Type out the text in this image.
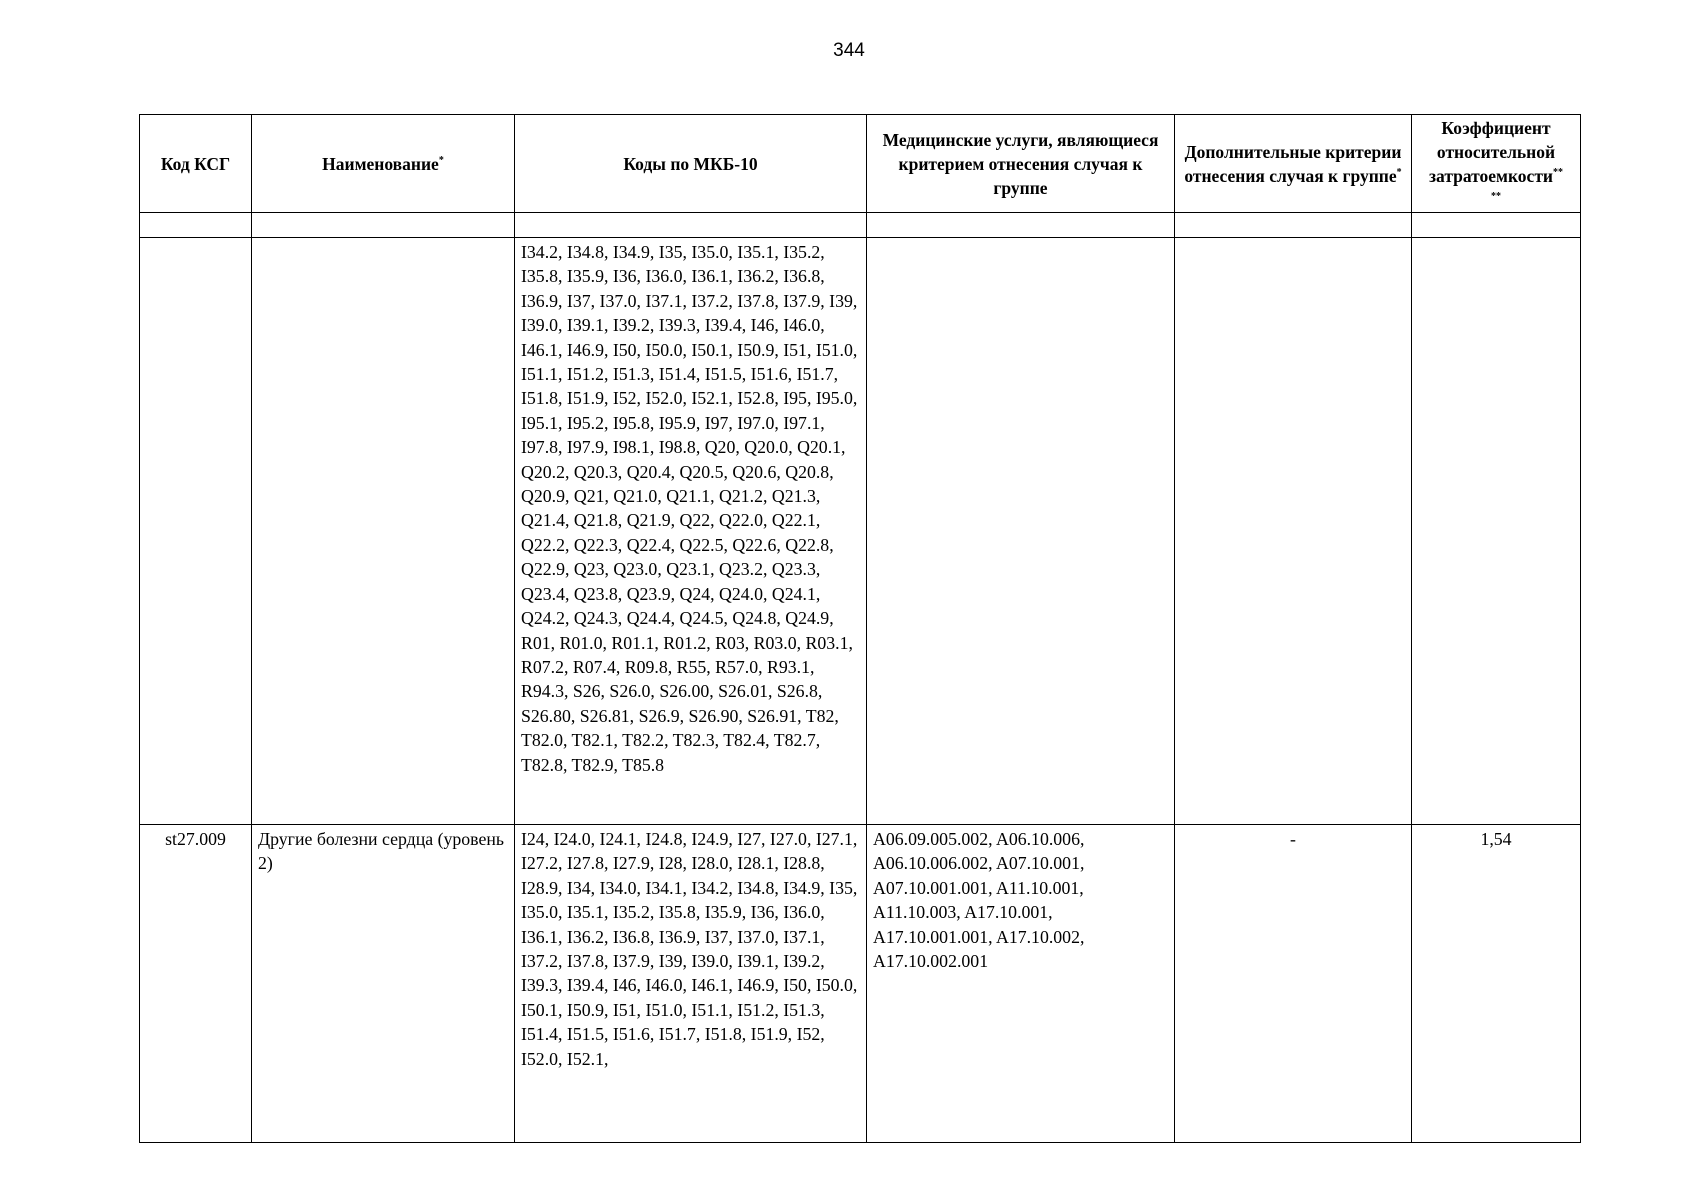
344
Код КСГ	Наименование*	Коды по МКБ-10	Медицинские услуги, являющиеся критерием отнесения случая к группе	Дополнительные критерии отнесения случая к группе*	Коэффициент относительной затратоемкости**
**

		I34.2, I34.8, I34.9, I35, I35.0, I35.1, I35.2, I35.8, I35.9, I36, I36.0, I36.1, I36.2, I36.8, I36.9, I37, I37.0, I37.1, I37.2, I37.8, I37.9, I39, I39.0, I39.1, I39.2, I39.3, I39.4, I46, I46.0, I46.1, I46.9, I50, I50.0, I50.1, I50.9, I51, I51.0, I51.1, I51.2, I51.3, I51.4, I51.5, I51.6, I51.7, I51.8, I51.9, I52, I52.0, I52.1, I52.8, I95, I95.0, I95.1, I95.2, I95.8, I95.9, I97, I97.0, I97.1, I97.8, I97.9, I98.1, I98.8, Q20, Q20.0, Q20.1, Q20.2, Q20.3, Q20.4, Q20.5, Q20.6, Q20.8, Q20.9, Q21, Q21.0, Q21.1, Q21.2, Q21.3, Q21.4, Q21.8, Q21.9, Q22, Q22.0, Q22.1, Q22.2, Q22.3, Q22.4, Q22.5, Q22.6, Q22.8, Q22.9, Q23, Q23.0, Q23.1, Q23.2, Q23.3, Q23.4, Q23.8, Q23.9, Q24, Q24.0, Q24.1, Q24.2, Q24.3, Q24.4, Q24.5, Q24.8, Q24.9, R01, R01.0, R01.1, R01.2, R03, R03.0, R03.1, R07.2, R07.4, R09.8, R55, R57.0, R93.1, R94.3, S26, S26.0, S26.00, S26.01, S26.8, S26.80, S26.81, S26.9, S26.90, S26.91, T82, T82.0, T82.1, T82.2, T82.3, T82.4, T82.7, T82.8, T82.9, T85.8			

st27.009	Другие болезни сердца (уровень 2)	I24, I24.0, I24.1, I24.8, I24.9, I27, I27.0, I27.1, I27.2, I27.8, I27.9, I28, I28.0, I28.1, I28.8, I28.9, I34, I34.0, I34.1, I34.2, I34.8, I34.9, I35, I35.0, I35.1, I35.2, I35.8, I35.9, I36, I36.0, I36.1, I36.2, I36.8, I36.9, I37, I37.0, I37.1, I37.2, I37.8, I37.9, I39, I39.0, I39.1, I39.2, I39.3, I39.4, I46, I46.0, I46.1, I46.9, I50, I50.0, I50.1, I50.9, I51, I51.0, I51.1, I51.2, I51.3, I51.4, I51.5, I51.6, I51.7, I51.8, I51.9, I52, I52.0, I52.1,	A06.09.005.002, A06.10.006, A06.10.006.002, A07.10.001, A07.10.001.001, A11.10.001, A11.10.003, A17.10.001, A17.10.001.001, A17.10.002, A17.10.002.001	-	1,54
